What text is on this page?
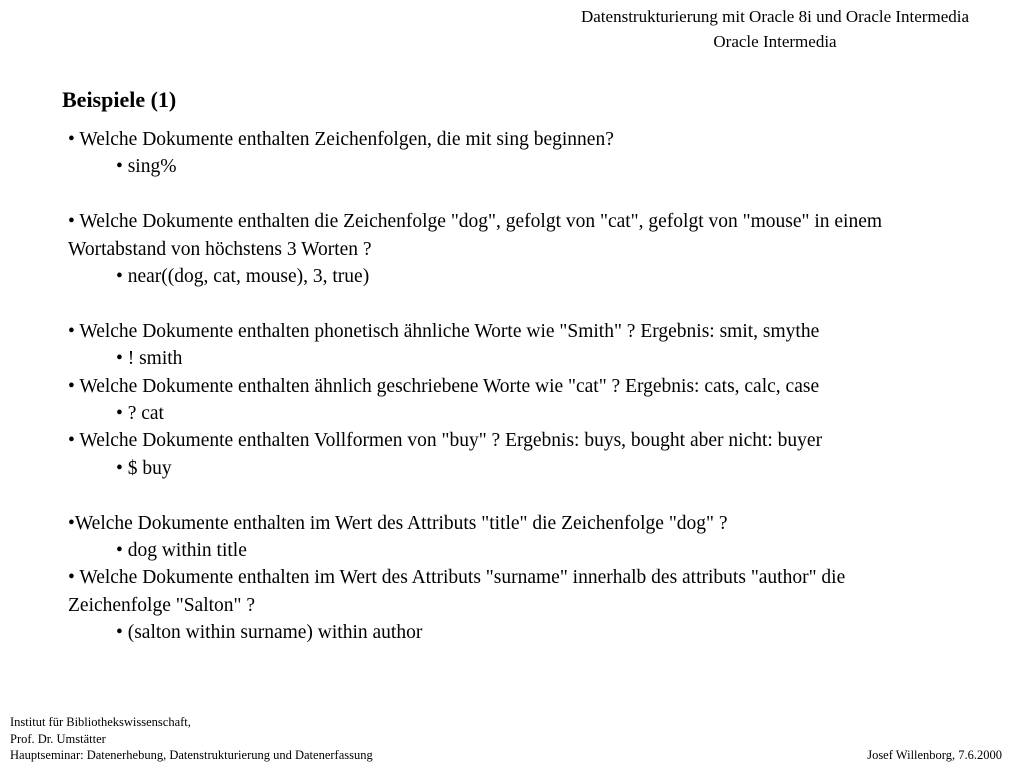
Datenstrukturierung mit Oracle 8i und Oracle Intermedia
Oracle Intermedia
Beispiele (1)
• Welche Dokumente enthalten Zeichenfolgen, die mit sing beginnen?
• sing%
• Welche Dokumente enthalten die Zeichenfolge "dog", gefolgt von "cat", gefolgt von "mouse" in einem
Wortabstand von höchstens 3 Worten ?
• near((dog, cat, mouse), 3, true)
• Welche Dokumente enthalten phonetisch ähnliche Worte wie "Smith" ? Ergebnis: smit, smythe
• ! smith
• Welche Dokumente enthalten ähnlich geschriebene Worte wie "cat" ? Ergebnis: cats, calc, case
• ? cat
• Welche Dokumente enthalten Vollformen von "buy" ? Ergebnis: buys, bought aber nicht: buyer
• $ buy
•Welche Dokumente enthalten im Wert des Attributs "title" die Zeichenfolge "dog" ?
• dog within title
• Welche Dokumente enthalten im Wert des Attributs "surname" innerhalb des attributs "author" die
Zeichenfolge "Salton" ?
• (salton within surname) within author
Institut für Bibliothekswissenschaft,
Prof. Dr. Umstätter
Hauptseminar: Datenerhebung, Datenstrukturierung und Datenerfassung	Josef Willenborg, 7.6.2000
